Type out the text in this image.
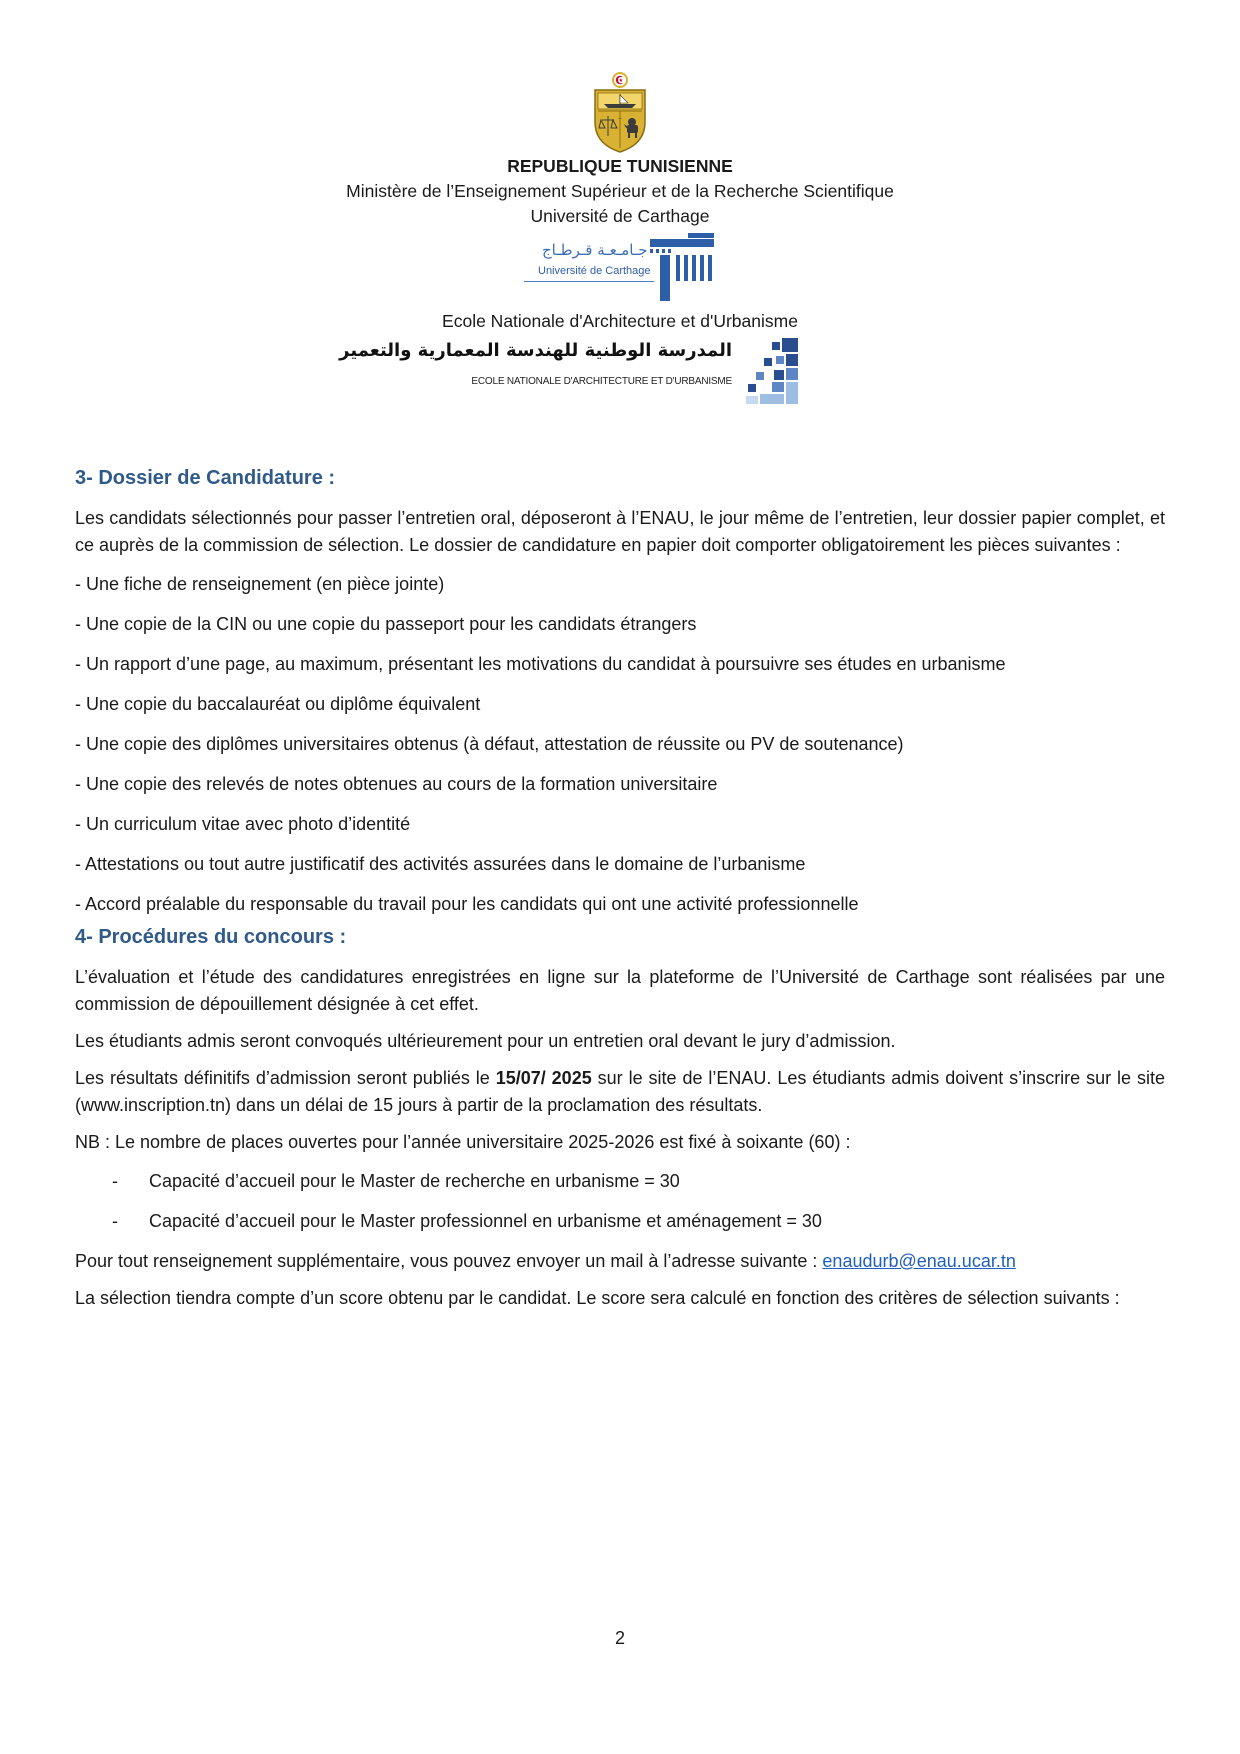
—
REPUBLIQUE TUNISIENNE
Ministère de l’Enseignement Supérieur et de la Recherche Scientifique
Université de Carthage
جـامـعـة قـرطـاج
Université de Carthage
Ecole Nationale d'Architecture et d'Urbanisme
المدرسة الوطنية للهندسة المعمارية والتعمير
ECOLE NATIONALE D'ARCHITECTURE ET D'URBANISME
3- Dossier de Candidature :

Les candidats sélectionnés pour passer l’entretien oral, déposeront à l’ENAU, le jour même de l’entretien, leur dossier papier complet, et ce auprès de la commission de sélection. Le dossier de candidature en papier doit comporter obligatoirement les pièces suivantes :

- Une fiche de renseignement (en pièce jointe)
- Une copie de la CIN ou une copie du passeport pour les candidats étrangers
- Un rapport d’une page, au maximum, présentant les motivations du candidat à poursuivre ses études en urbanisme
- Une copie du baccalauréat ou diplôme équivalent
- Une copie des diplômes universitaires obtenus (à défaut, attestation de réussite ou PV de soutenance)
- Une copie des relevés de notes obtenues au cours de la formation universitaire
- Un curriculum vitae avec photo d’identité
- Attestations ou tout autre justificatif des activités assurées dans le domaine de l’urbanisme
- Accord préalable du responsable du travail pour les candidats qui ont une activité professionnelle
4- Procédures du concours :

L’évaluation et l’étude des candidatures enregistrées en ligne sur la plateforme de l’Université de Carthage sont réalisées par une commission de dépouillement désignée à cet effet.

Les étudiants admis seront convoqués ultérieurement pour un entretien oral devant le jury d’admission.

Les résultats définitifs d’admission seront publiés le 15/07/ 2025 sur le site de l’ENAU. Les étudiants admis doivent s’inscrire sur le site (www.inscription.tn) dans un délai de 15 jours à partir de la proclamation des résultats.

NB : Le nombre de places ouvertes pour l’année universitaire 2025-2026 est fixé à soixante (60) :

- Capacité d’accueil pour le Master de recherche en urbanisme = 30
- Capacité d’accueil pour le Master professionnel en urbanisme et aménagement = 30

Pour tout renseignement supplémentaire, vous pouvez envoyer un mail à l’adresse suivante : enaudurb@enau.ucar.tn

La sélection tiendra compte d’un score obtenu par le candidat. Le score sera calculé en fonction des critères de sélection suivants :

2
